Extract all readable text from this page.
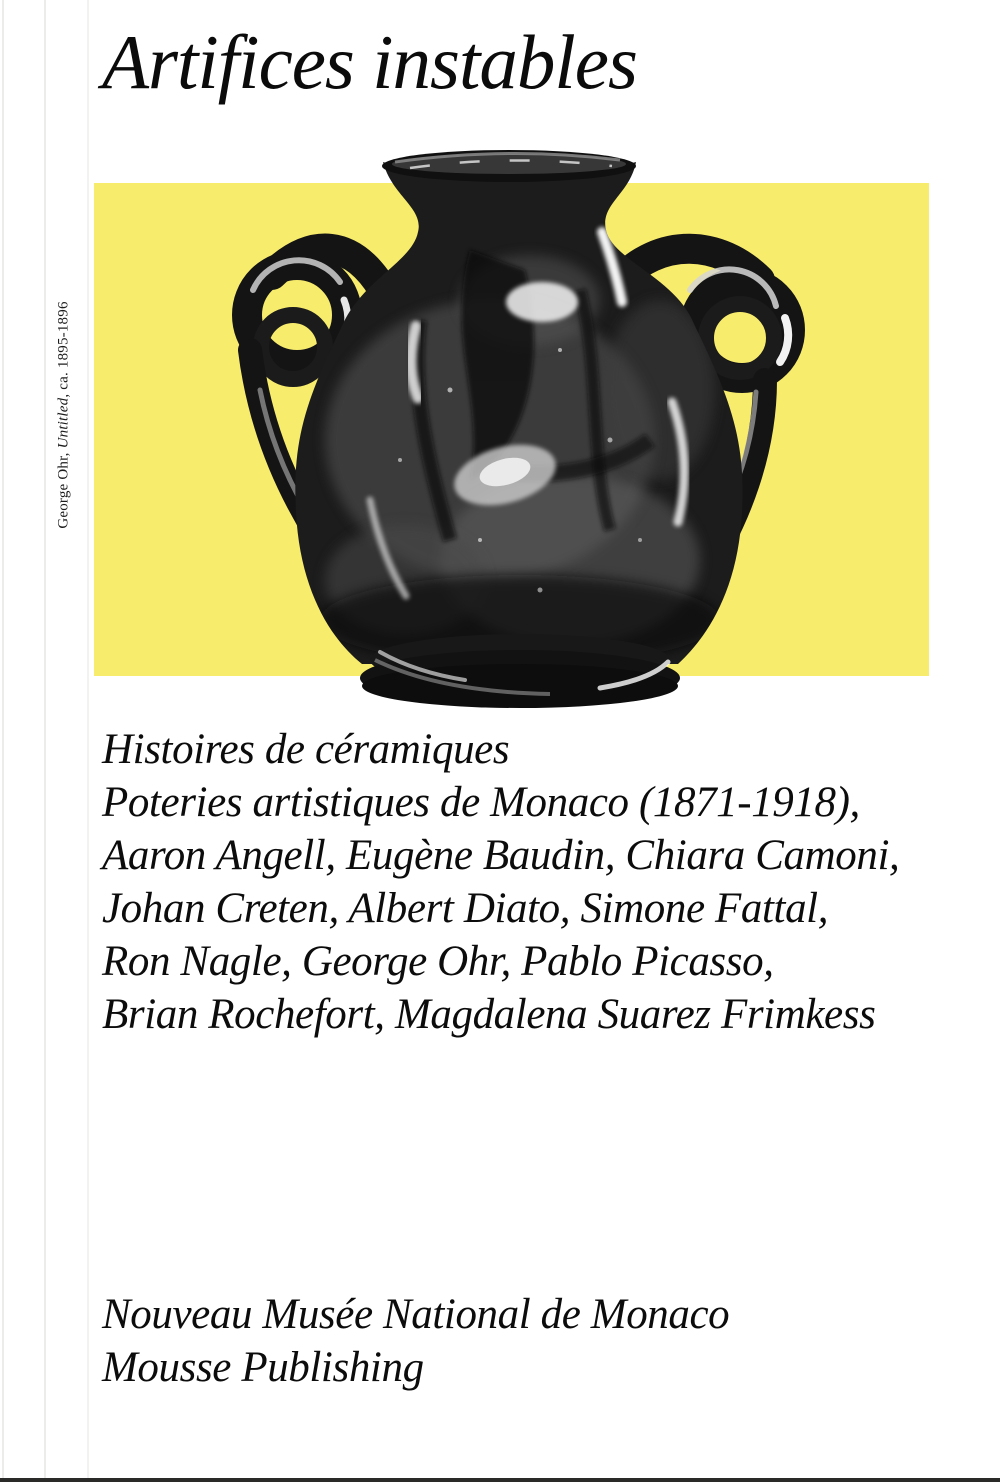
Artifices instables
George Ohr, Untitled, ca. 1895-1896
Histoires de céramiques
Poteries artistiques de Monaco (1871-1918),
Aaron Angell, Eugène Baudin, Chiara Camoni,
Johan Creten, Albert Diato, Simone Fattal,
Ron Nagle, George Ohr, Pablo Picasso,
Brian Rochefort, Magdalena Suarez Frimkess
Nouveau Musée National de Monaco
Mousse Publishing
